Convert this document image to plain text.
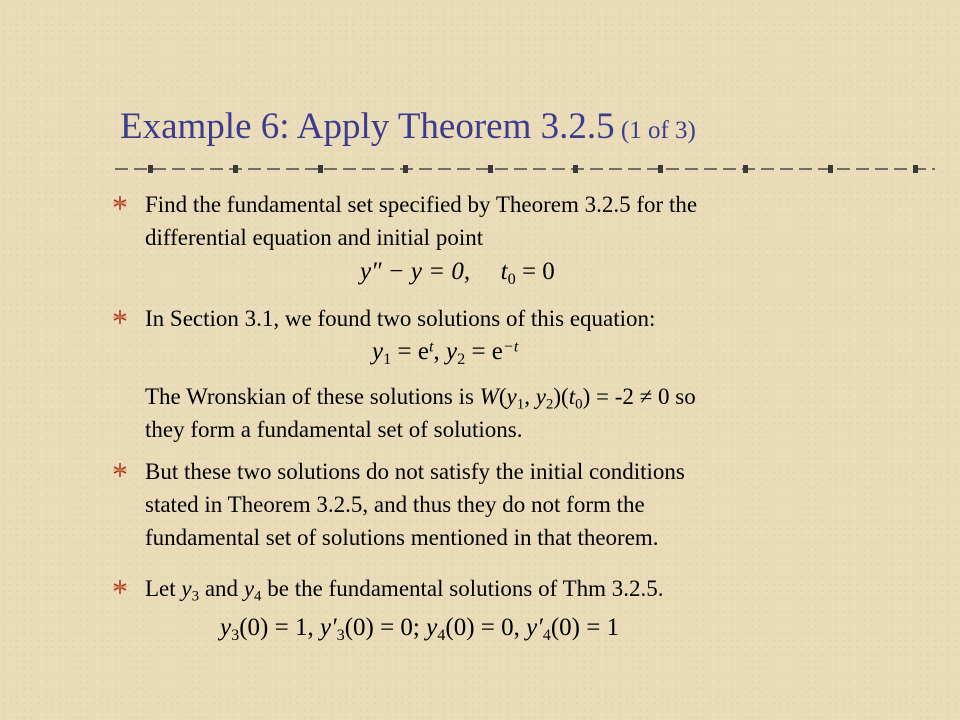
Example 6: Apply Theorem 3.2.5 (1 of 3)

Find the fundamental set specified by Theorem 3.2.5 for the
differential equation and initial point

y″ − y = 0, $t_0 = 0$

In Section 3.1, we found two solutions of this equation:

$y_1 = e^t$, $y_2 = e^{-t}$

The Wronskian of these solutions is $W(y_1$, $y_2)(t_0) = -2 \ne 0$ so
they form a fundamental set of solutions.

But these two solutions do not satisfy the initial conditions
stated in Theorem 3.2.5, and thus they do not form the
fundamental set of solutions mentioned in that theorem.

Let $y_3$ and $y_4$ be the fundamental solutions of Thm 3.2.5.

$y_3(0) = 1$, $y'_3(0) = 0$; $y_4(0) = 0$, $y'_4(0) = 1$
